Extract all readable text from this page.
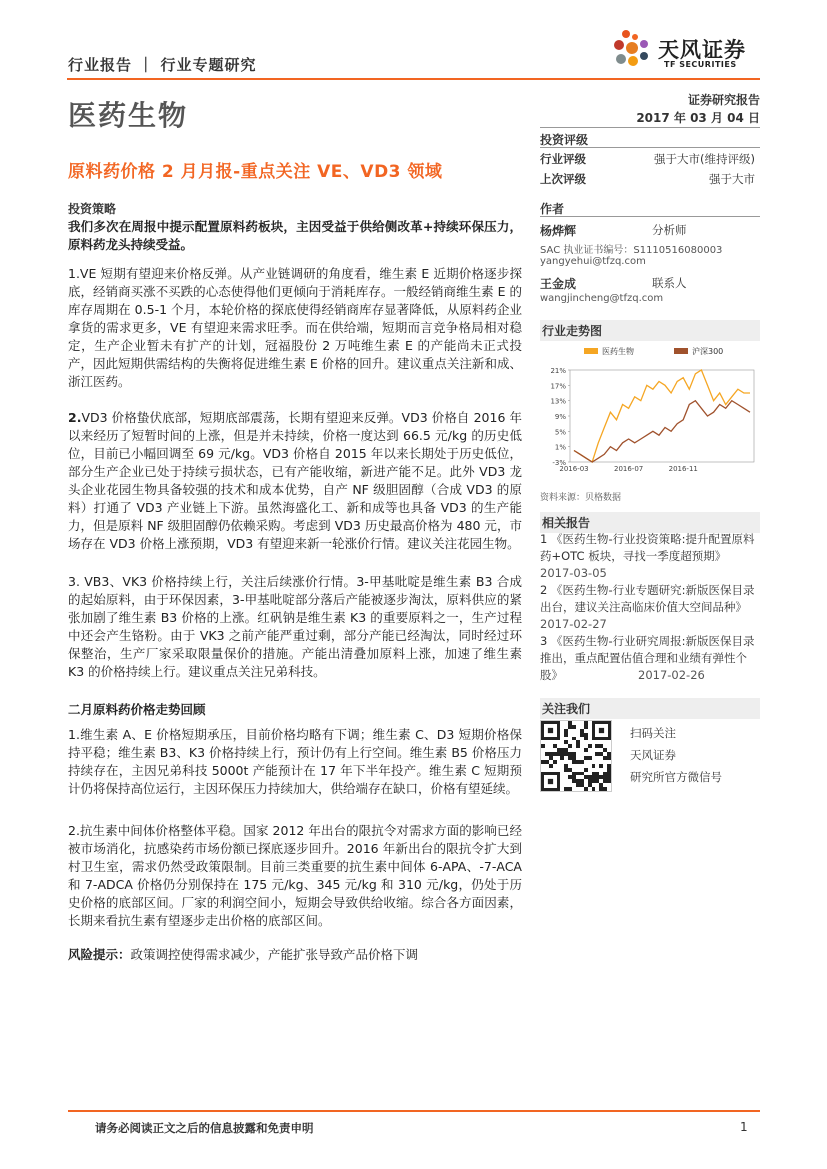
行业报告 ｜ 行业专题研究
天风证券
TF SECURITIES
医药生物	证券研究报告
2017 年 03 月 04 日
原料药价格 2 月月报-重点关注 VE、VD3 领域
投资评级
行业评级	强于大市(维持评级)
上次评级	强于大市
作者
杨烨辉	分析师
SAC 执业证书编号：S1110516080003
yangyehui@tfzq.com
王金成	联系人
wangjincheng@tfzq.com
行业走势图
21%
17%
13%
9%
5%
1%
-3%
2016-03	2016-07	2016-11
医药生物	沪深300
资料来源：贝格数据
相关报告

1 《医药生物-行业投资策略:提升配置原料药+OTC 板块，寻找一季度超预期》

2017-03-05

2 《医药生物-行业专题研究:新版医保目录出台，建议关注高临床价值大空间品种》

2017-02-27

3 《医药生物-行业研究周报:新版医保目录推出，重点配置估值合理和业绩有弹性个股》	2017-02-26

关注我们
扫码关注
天风证券
研究所官方微信号
投资策略
我们多次在周报中提示配置原料药板块，主因受益于供给侧改革+持续环保压力，原料药龙头持续受益。
1.VE 短期有望迎来价格反弹。从产业链调研的角度看，维生素 E 近期价格逐步探底，经销商买涨不买跌的心态使得他们更倾向于消耗库存。一般经销商维生素 E 的库存周期在 0.5-1 个月，本轮价格的探底使得经销商库存显著降低，从原料药企业拿货的需求更多，VE 有望迎来需求旺季。而在供给端，短期而言竞争格局相对稳定，生产企业暂未有扩产的计划，冠福股份 2 万吨维生素 E 的产能尚未正式投产，因此短期供需结构的失衡将促进维生素 E 价格的回升。建议重点关注新和成、浙江医药。
2.VD3 价格蛰伏底部，短期底部震荡，长期有望迎来反弹。VD3 价格自 2016 年以来经历了短暂时间的上涨，但是并未持续，价格一度达到 66.5 元/kg 的历史低位，目前已小幅回调至 69 元/kg。VD3 价格自 2015 年以来长期处于历史低位，部分生产企业已处于持续亏损状态，已有产能收缩，新进产能不足。此外 VD3 龙头企业花园生物具备较强的技术和成本优势，自产 NF 级胆固醇（合成 VD3 的原料）打通了 VD3 产业链上下游。虽然海盛化工、新和成等也具备 VD3 的生产能力，但是原料 NF 级胆固醇仍依赖采购。考虑到 VD3 历史最高价格为 480 元，市场存在 VD3 价格上涨预期，VD3 有望迎来新一轮涨价行情。建议关注花园生物。
3. VB3、VK3 价格持续上行，关注后续涨价行情。3-甲基吡啶是维生素 B3 合成的起始原料，由于环保因素，3-甲基吡啶部分落后产能被逐步淘汰，原料供应的紧张加剧了维生素 B3 价格的上涨。红矾钠是维生素 K3 的重要原料之一，生产过程中还会产生铬粉。由于 VK3 之前产能严重过剩，部分产能已经淘汰，同时经过环保整治，生产厂家采取限量保价的措施。产能出清叠加原料上涨，加速了维生素 K3 的价格持续上行。建议重点关注兄弟科技。
二月原料药价格走势回顾
1.维生素 A、E 价格短期承压，目前价格均略有下调；维生素 C、D3 短期价格保持平稳；维生素 B3、K3 价格持续上行，预计仍有上行空间。维生素 B5 价格压力持续存在，主因兄弟科技 5000t 产能预计在 17 年下半年投产。维生素 C 短期预计仍将保持高位运行，主因环保压力持续加大，供给端存在缺口，价格有望延续。
2.抗生素中间体价格整体平稳。国家 2012 年出台的限抗令对需求方面的影响已经被市场消化，抗感染药市场份额已探底逐步回升。2016 年新出台的限抗令扩大到村卫生室，需求仍然受政策限制。目前三类重要的抗生素中间体 6-APA、-7-ACA 和 7-ADCA 价格仍分别保持在 175 元/kg、345 元/kg 和 310 元/kg，仍处于历史价格的底部区间。厂家的利润空间小，短期会导致供给收缩。综合各方面因素，长期来看抗生素有望逐步走出价格的底部区间。
风险提示：政策调控使得需求减少，产能扩张导致产品价格下调
请务必阅读正文之后的信息披露和免责申明	1
